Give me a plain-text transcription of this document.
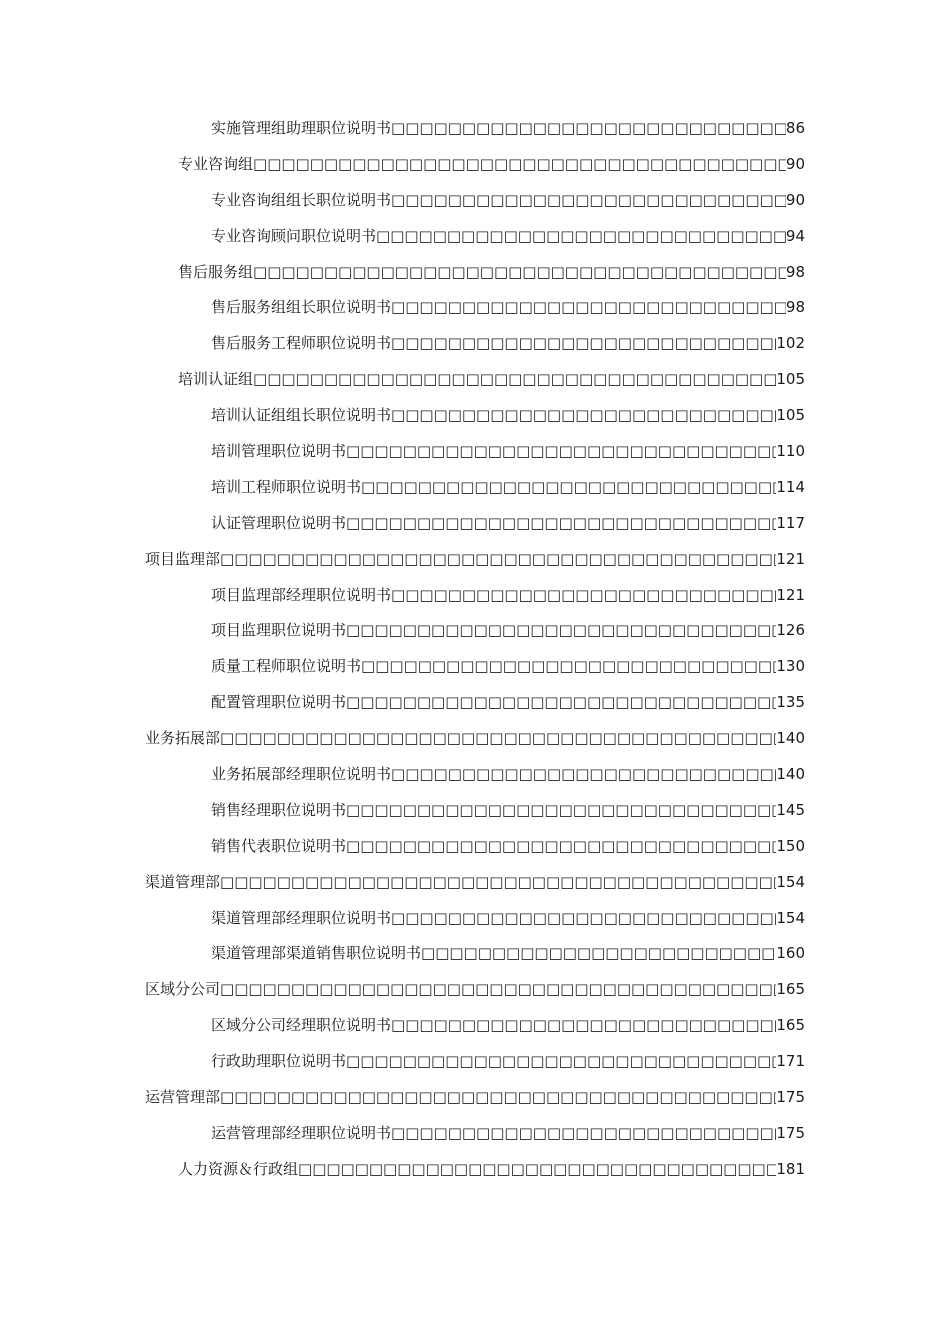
实施管理组助理职位说明书 □□□□□□□□□□□□□□□□□□□□□□□□□□□□□□□□□□□□□□□□□□□□□□□□□□□□□□□□□□□□□□	86
专业咨询组 □□□□□□□□□□□□□□□□□□□□□□□□□□□□□□□□□□□□□□□□□□□□□□□□□□□□□□□□□□□□□□	90
专业咨询组组长职位说明书 □□□□□□□□□□□□□□□□□□□□□□□□□□□□□□□□□□□□□□□□□□□□□□□□□□□□□□□□□□□□□□	90
专业咨询顾问职位说明书 □□□□□□□□□□□□□□□□□□□□□□□□□□□□□□□□□□□□□□□□□□□□□□□□□□□□□□□□□□□□□□	94
售后服务组 □□□□□□□□□□□□□□□□□□□□□□□□□□□□□□□□□□□□□□□□□□□□□□□□□□□□□□□□□□□□□□	98
售后服务组组长职位说明书 □□□□□□□□□□□□□□□□□□□□□□□□□□□□□□□□□□□□□□□□□□□□□□□□□□□□□□□□□□□□□□	98
售后服务工程师职位说明书 □□□□□□□□□□□□□□□□□□□□□□□□□□□□□□□□□□□□□□□□□□□□□□□□□□□□□□□□□□□□□□	102
培训认证组 □□□□□□□□□□□□□□□□□□□□□□□□□□□□□□□□□□□□□□□□□□□□□□□□□□□□□□□□□□□□□□	105
培训认证组组长职位说明书 □□□□□□□□□□□□□□□□□□□□□□□□□□□□□□□□□□□□□□□□□□□□□□□□□□□□□□□□□□□□□□	105
培训管理职位说明书 □□□□□□□□□□□□□□□□□□□□□□□□□□□□□□□□□□□□□□□□□□□□□□□□□□□□□□□□□□□□□□	110
培训工程师职位说明书 □□□□□□□□□□□□□□□□□□□□□□□□□□□□□□□□□□□□□□□□□□□□□□□□□□□□□□□□□□□□□□	114
认证管理职位说明书 □□□□□□□□□□□□□□□□□□□□□□□□□□□□□□□□□□□□□□□□□□□□□□□□□□□□□□□□□□□□□□	117
项目监理部 □□□□□□□□□□□□□□□□□□□□□□□□□□□□□□□□□□□□□□□□□□□□□□□□□□□□□□□□□□□□□□	121
项目监理部经理职位说明书 □□□□□□□□□□□□□□□□□□□□□□□□□□□□□□□□□□□□□□□□□□□□□□□□□□□□□□□□□□□□□□	121
项目监理职位说明书 □□□□□□□□□□□□□□□□□□□□□□□□□□□□□□□□□□□□□□□□□□□□□□□□□□□□□□□□□□□□□□	126
质量工程师职位说明书 □□□□□□□□□□□□□□□□□□□□□□□□□□□□□□□□□□□□□□□□□□□□□□□□□□□□□□□□□□□□□□	130
配置管理职位说明书 □□□□□□□□□□□□□□□□□□□□□□□□□□□□□□□□□□□□□□□□□□□□□□□□□□□□□□□□□□□□□□	135
业务拓展部 □□□□□□□□□□□□□□□□□□□□□□□□□□□□□□□□□□□□□□□□□□□□□□□□□□□□□□□□□□□□□□	140
业务拓展部经理职位说明书 □□□□□□□□□□□□□□□□□□□□□□□□□□□□□□□□□□□□□□□□□□□□□□□□□□□□□□□□□□□□□□	140
销售经理职位说明书 □□□□□□□□□□□□□□□□□□□□□□□□□□□□□□□□□□□□□□□□□□□□□□□□□□□□□□□□□□□□□□	145
销售代表职位说明书 □□□□□□□□□□□□□□□□□□□□□□□□□□□□□□□□□□□□□□□□□□□□□□□□□□□□□□□□□□□□□□	150
渠道管理部 □□□□□□□□□□□□□□□□□□□□□□□□□□□□□□□□□□□□□□□□□□□□□□□□□□□□□□□□□□□□□□	154
渠道管理部经理职位说明书 □□□□□□□□□□□□□□□□□□□□□□□□□□□□□□□□□□□□□□□□□□□□□□□□□□□□□□□□□□□□□□	154
渠道管理部渠道销售职位说明书 □□□□□□□□□□□□□□□□□□□□□□□□□□□□□□□□□□□□□□□□□□□□□□□□□□□□□□□□□□□□□□	160
区域分公司 □□□□□□□□□□□□□□□□□□□□□□□□□□□□□□□□□□□□□□□□□□□□□□□□□□□□□□□□□□□□□□	165
区域分公司经理职位说明书 □□□□□□□□□□□□□□□□□□□□□□□□□□□□□□□□□□□□□□□□□□□□□□□□□□□□□□□□□□□□□□	165
行政助理职位说明书 □□□□□□□□□□□□□□□□□□□□□□□□□□□□□□□□□□□□□□□□□□□□□□□□□□□□□□□□□□□□□□	171
运营管理部 □□□□□□□□□□□□□□□□□□□□□□□□□□□□□□□□□□□□□□□□□□□□□□□□□□□□□□□□□□□□□□	175
运营管理部经理职位说明书 □□□□□□□□□□□□□□□□□□□□□□□□□□□□□□□□□□□□□□□□□□□□□□□□□□□□□□□□□□□□□□	175
人力资源＆行政组 □□□□□□□□□□□□□□□□□□□□□□□□□□□□□□□□□□□□□□□□□□□□□□□□□□□□□□□□□□□□□□	181
